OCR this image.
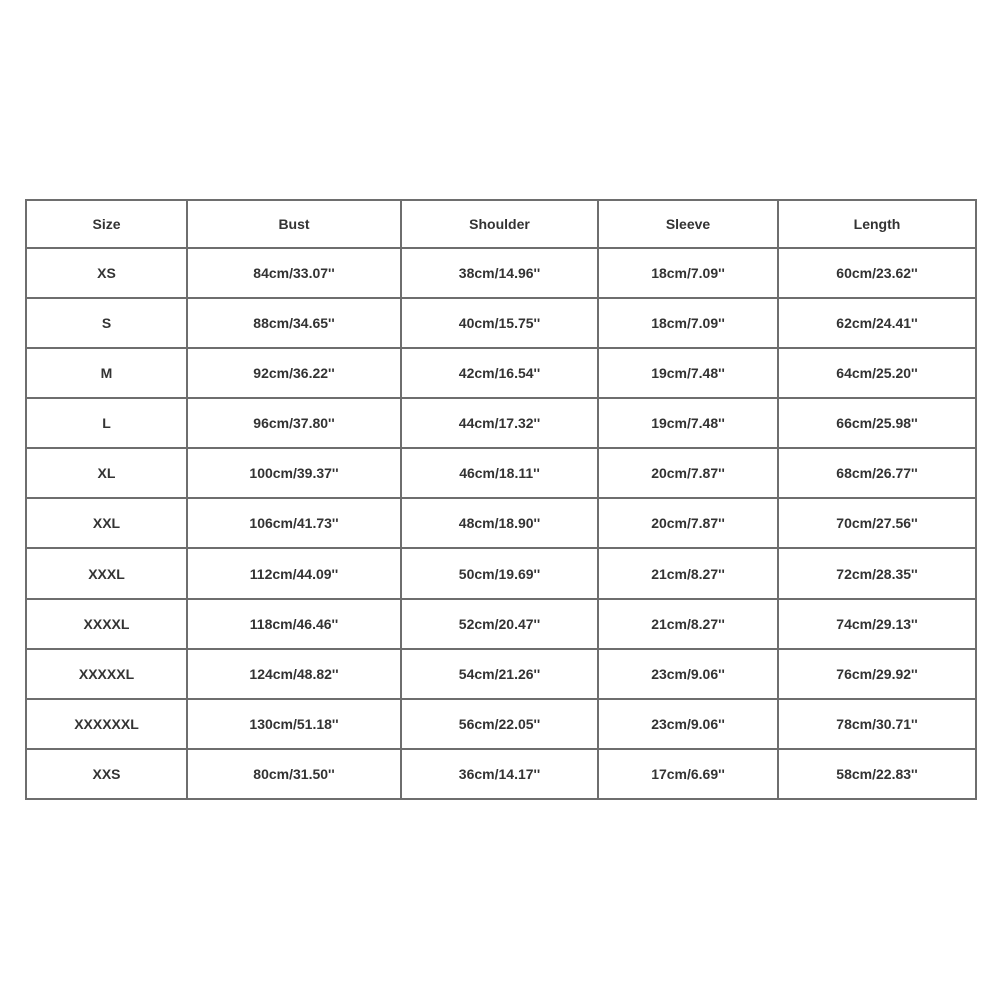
Size	Bust	Shoulder	Sleeve	Length
XS	84cm/33.07''	38cm/14.96''	18cm/7.09''	60cm/23.62''
S	88cm/34.65''	40cm/15.75''	18cm/7.09''	62cm/24.41''
M	92cm/36.22''	42cm/16.54''	19cm/7.48''	64cm/25.20''
L	96cm/37.80''	44cm/17.32''	19cm/7.48''	66cm/25.98''
XL	100cm/39.37''	46cm/18.11''	20cm/7.87''	68cm/26.77''
XXL	106cm/41.73''	48cm/18.90''	20cm/7.87''	70cm/27.56''
XXXL	112cm/44.09''	50cm/19.69''	21cm/8.27''	72cm/28.35''
XXXXL	118cm/46.46''	52cm/20.47''	21cm/8.27''	74cm/29.13''
XXXXXL	124cm/48.82''	54cm/21.26''	23cm/9.06''	76cm/29.92''
XXXXXXL	130cm/51.18''	56cm/22.05''	23cm/9.06''	78cm/30.71''
XXS	80cm/31.50''	36cm/14.17''	17cm/6.69''	58cm/22.83''
